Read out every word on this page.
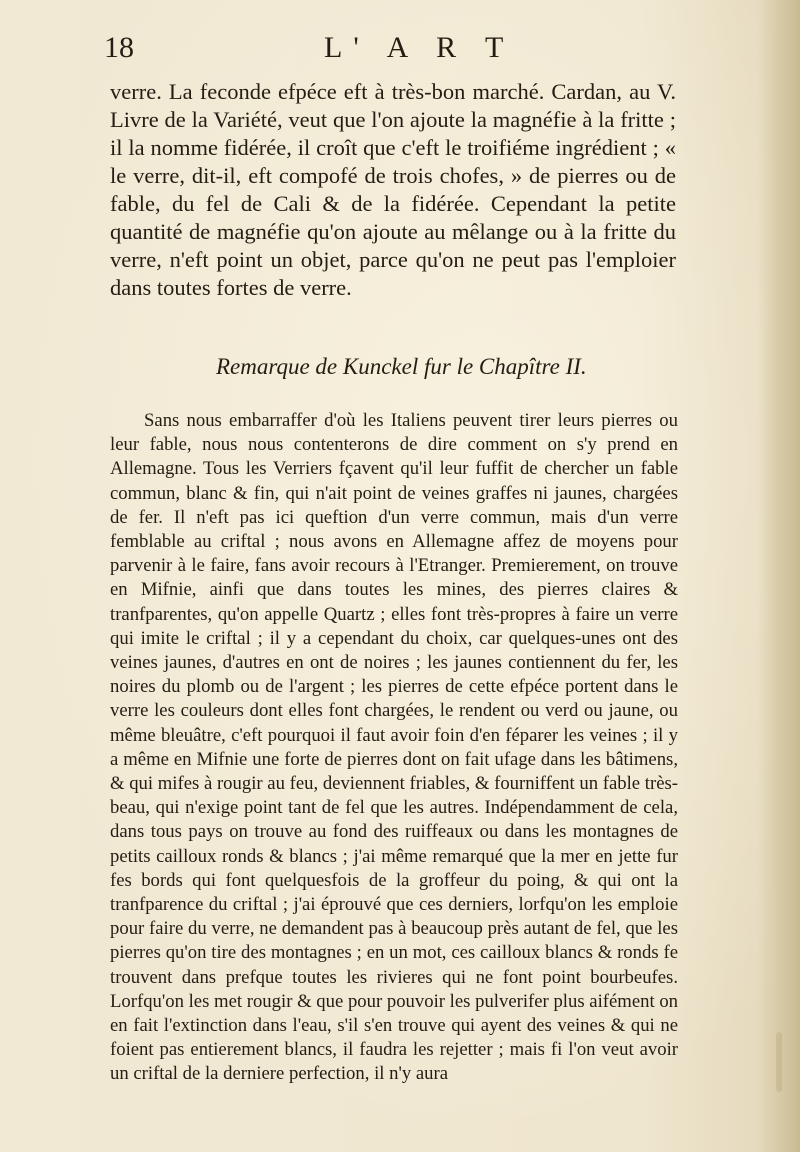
18	L' A R T

verre. La feconde efpéce eft à très-bon marché. Cardan, au V. Livre de la Variété, veut que l'on ajoute la magnéfie à la fritte ; il la nomme fidérée, il croît que c'eft le troifiéme ingrédient ; « le verre, dit-il, eft compofé de trois chofes, » de pierres ou de fable, du fel de Cali & de la fidérée. Cependant la petite quantité de magnéfie qu'on ajoute au mêlange ou à la fritte du verre, n'eft point un objet, parce qu'on ne peut pas l'emploier dans toutes fortes de verre.

Remarque de Kunckel fur le Chapître II.

Sans nous embarraffer d'où les Italiens peuvent tirer leurs pierres ou leur fable, nous nous contenterons de dire comment on s'y prend en Allemagne. Tous les Verriers fçavent qu'il leur fuffit de chercher un fable commun, blanc & fin, qui n'ait point de veines graffes ni jaunes, chargées de fer. Il n'eft pas ici queftion d'un verre commun, mais d'un verre femblable au criftal ; nous avons en Allemagne affez de moyens pour parvenir à le faire, fans avoir recours à l'Etranger. Premierement, on trouve en Mifnie, ainfi que dans toutes les mines, des pierres claires & tranfparentes, qu'on appelle Quartz ; elles font très-propres à faire un verre qui imite le criftal ; il y a cependant du choix, car quelques-unes ont des veines jaunes, d'autres en ont de noires ; les jaunes contiennent du fer, les noires du plomb ou de l'argent ; les pierres de cette efpéce portent dans le verre les couleurs dont elles font chargées, le rendent ou verd ou jaune, ou même bleuâtre, c'eft pourquoi il faut avoir foin d'en féparer les veines ; il y a même en Mifnie une forte de pierres dont on fait ufage dans les bâtimens, & qui mifes à rougir au feu, deviennent friables, & fourniffent un fable très-beau, qui n'exige point tant de fel que les autres. Indépendamment de cela, dans tous pays on trouve au fond des ruiffeaux ou dans les montagnes de petits cailloux ronds & blancs ; j'ai même remarqué que la mer en jette fur fes bords qui font quelquesfois de la groffeur du poing, & qui ont la tranfparence du criftal ; j'ai éprouvé que ces derniers, lorfqu'on les emploie pour faire du verre, ne demandent pas à beaucoup près autant de fel, que les pierres qu'on tire des montagnes ; en un mot, ces cailloux blancs & ronds fe trouvent dans prefque toutes les rivieres qui ne font point bourbeufes. Lorfqu'on les met rougir & que pour pouvoir les pulverifer plus aifément on en fait l'extinction dans l'eau, s'il s'en trouve qui ayent des veines & qui ne foient pas entierement blancs, il faudra les rejetter ; mais fi l'on veut avoir un criftal de la derniere perfection, il n'y aura
